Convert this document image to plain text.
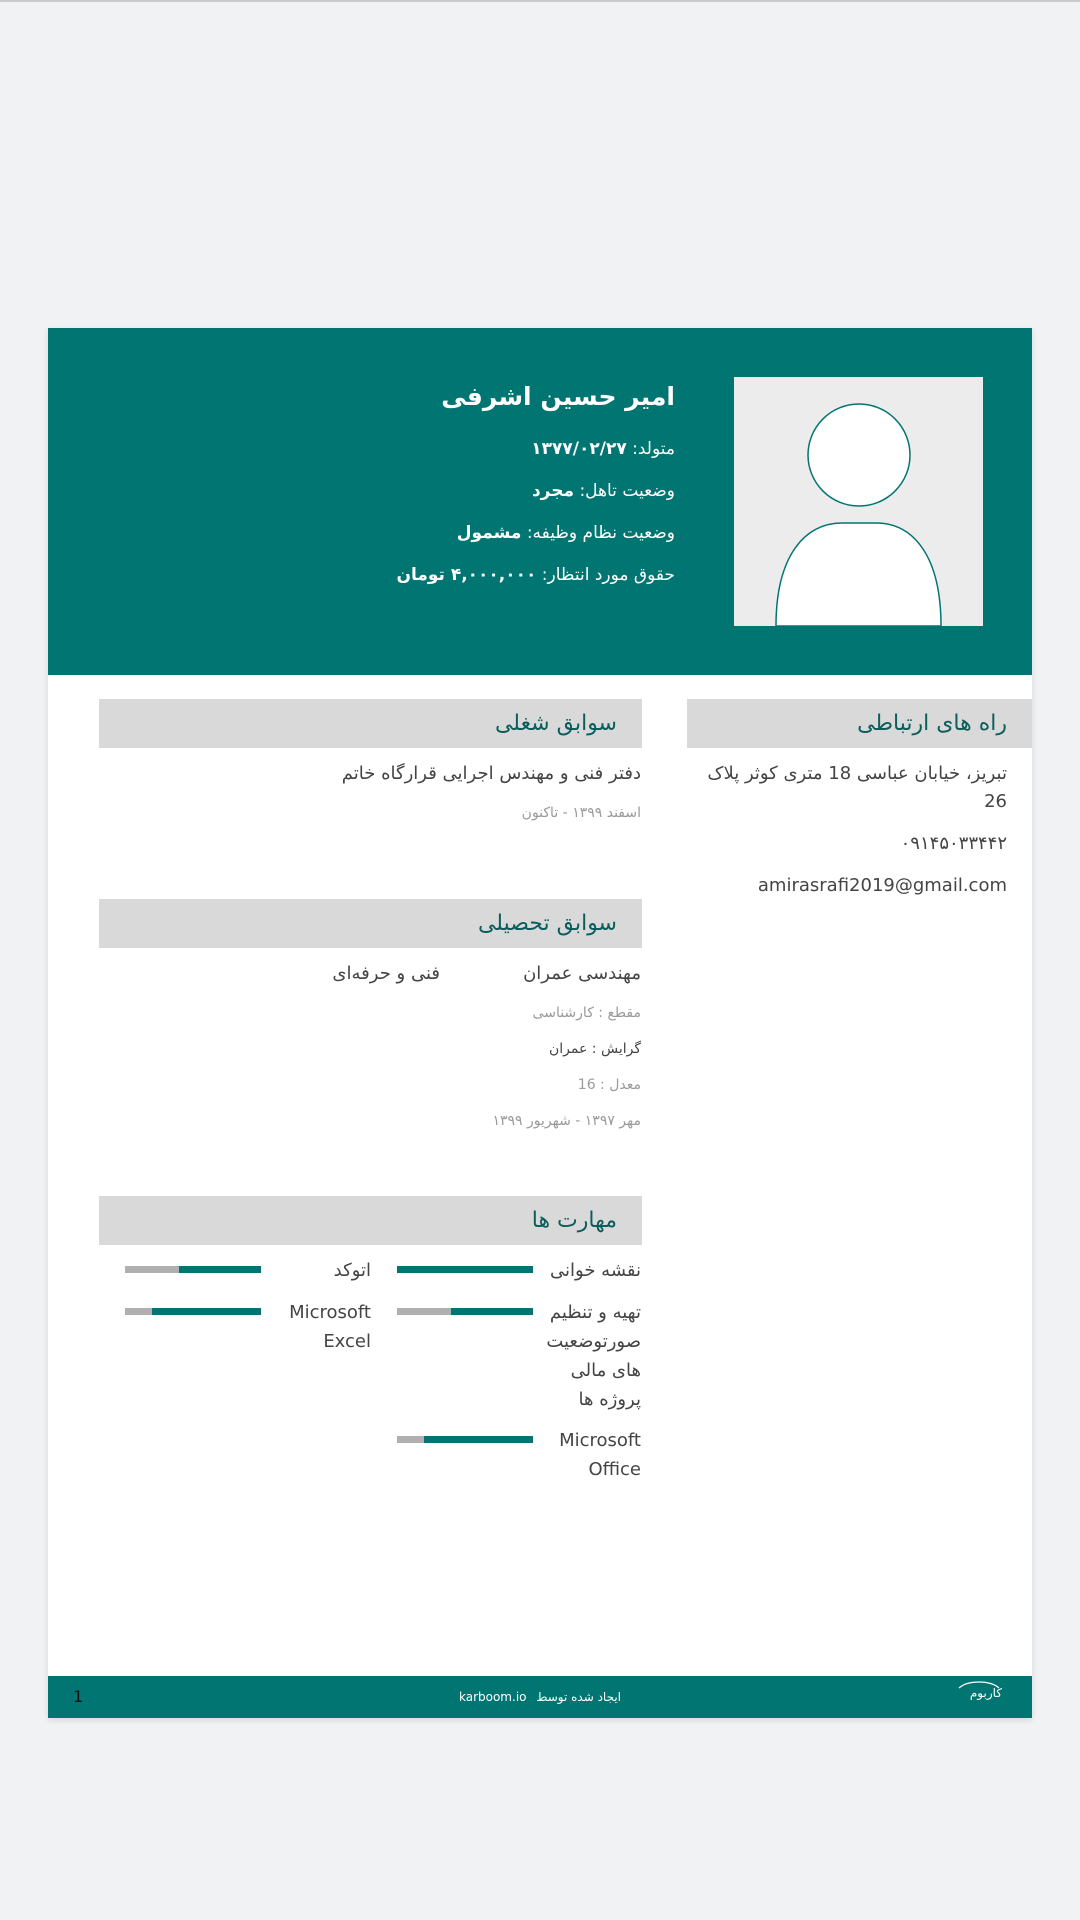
امیر حسین اشرفی
متولد: ۱۳۷۷/۰۲/۲۷
وضعیت تاهل: مجرد
وضعیت نظام وظیفه: مشمول
حقوق مورد انتظار: ۴,۰۰۰,۰۰۰ تومان
راه های ارتباطی
تبریز، خیابان عباسی 18 متری کوثر پلاک 26
۰۹۱۴۵۰۳۳۴۴۲
amirasrafi2019@gmail.com
سوابق شغلی
دفتر فنی و مهندس اجرایی قرارگاه خاتم
اسفند ۱۳۹۹ - تاکنون
سوابق تحصیلی
مهندسی عمران
فنی و حرفه‌ای
مقطع : کارشناسی
گرایش : عمران
معدل : 16
مهر ۱۳۹۷ - شهریور ۱۳۹۹
مهارت ها
نقشه خوانی
اتوکد
تهیه و تنظیم صورتوضعیت های مالی پروژه ها
Microsoft Excel
Microsoft Office
1	karboom.io ایجاد شده توسط	کاربوم
